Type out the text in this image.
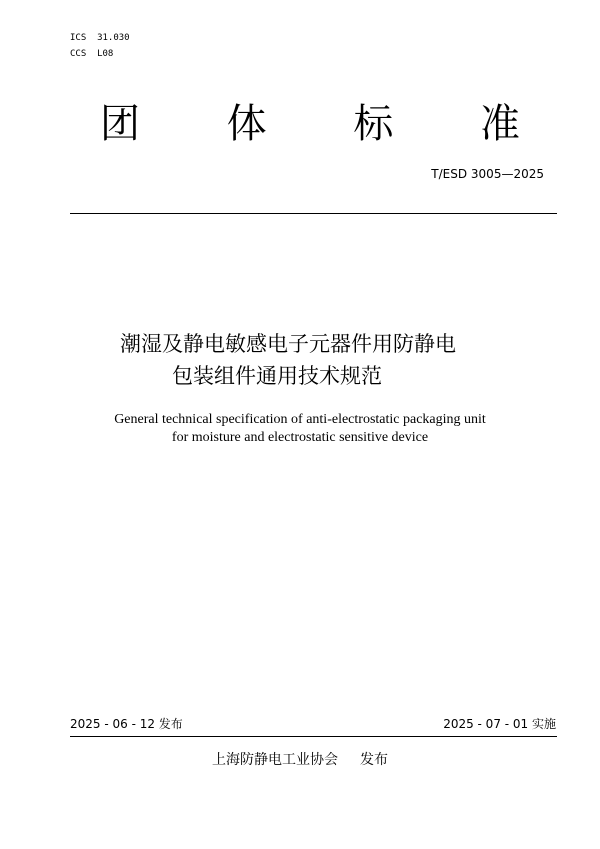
ICS  31.030
CCS  L08
团 体 标 准
T/ESD 3005—2025
潮湿及静电敏感电子元器件用防静电
包装组件通用技术规范
General technical specification of anti-electrostatic packaging unit
for moisture and electrostatic sensitive device
2025 - 06 - 12 发布	2025 - 07 - 01 实施
上海防静电工业协会 发布
